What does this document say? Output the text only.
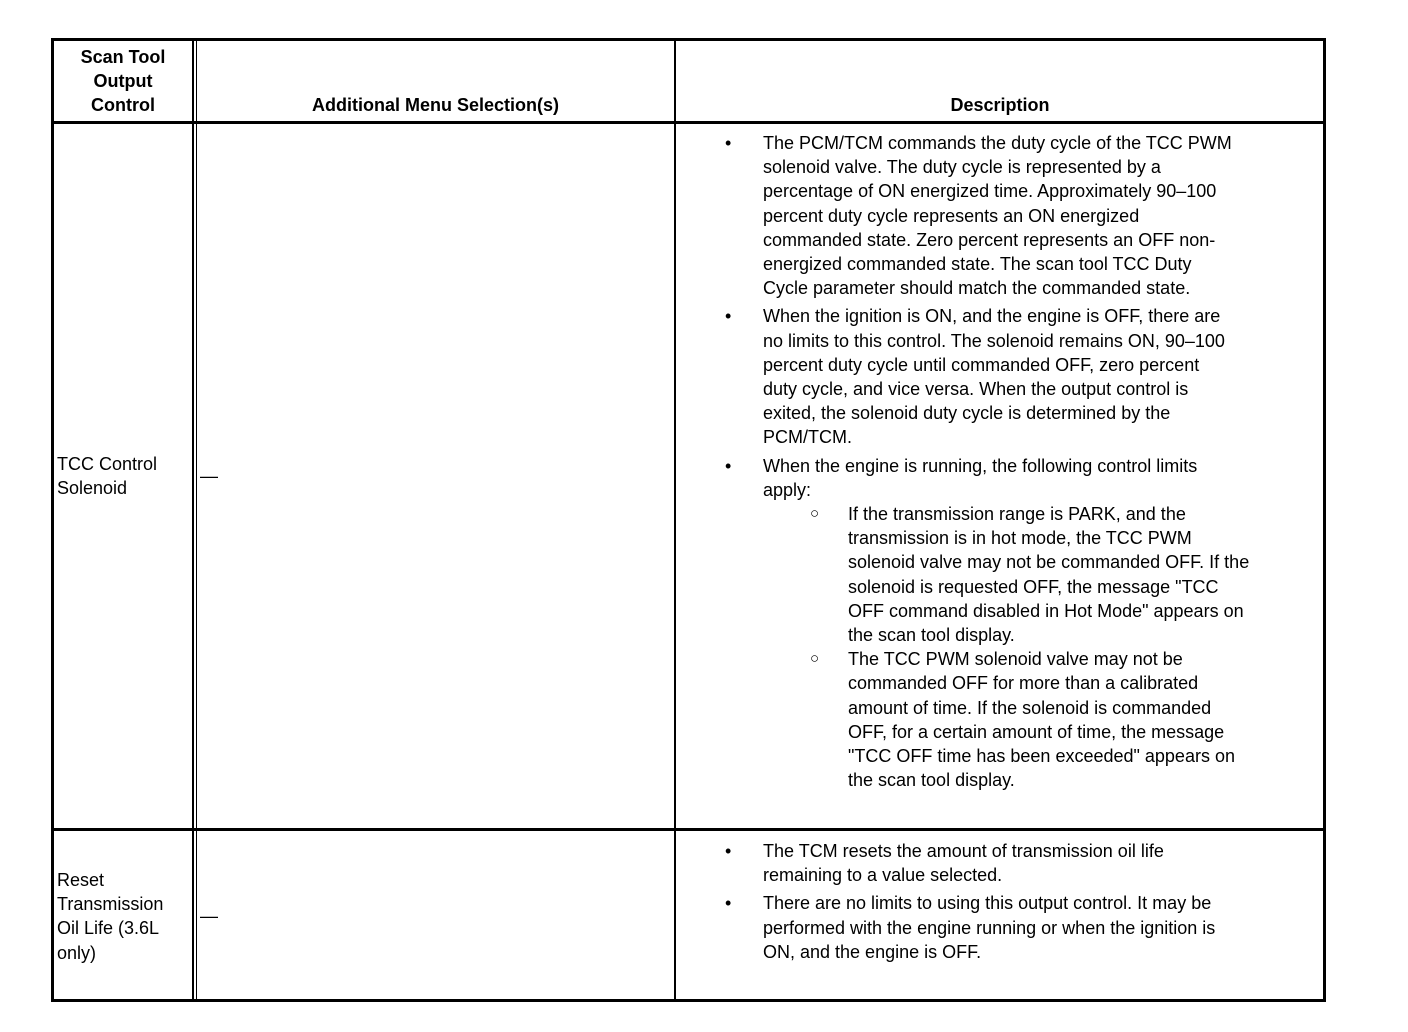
Scan Tool
Output
Control	Additional Menu Selection(s)	Description
TCC Control
Solenoid
—
• The PCM/TCM commands the duty cycle of the TCC PWM
solenoid valve. The duty cycle is represented by a
percentage of ON energized time. Approximately 90–100
percent duty cycle represents an ON energized
commanded state. Zero percent represents an OFF non-
energized commanded state. The scan tool TCC Duty
Cycle parameter should match the commanded state.
• When the ignition is ON, and the engine is OFF, there are
no limits to this control. The solenoid remains ON, 90–100
percent duty cycle until commanded OFF, zero percent
duty cycle, and vice versa. When the output control is
exited, the solenoid duty cycle is determined by the
PCM/TCM.
• When the engine is running, the following control limits
apply:
○ If the transmission range is PARK, and the
transmission is in hot mode, the TCC PWM
solenoid valve may not be commanded OFF. If the
solenoid is requested OFF, the message "TCC
OFF command disabled in Hot Mode" appears on
the scan tool display.
○ The TCC PWM solenoid valve may not be
commanded OFF for more than a calibrated
amount of time. If the solenoid is commanded
OFF, for a certain amount of time, the message
"TCC OFF time has been exceeded" appears on
the scan tool display.
• The TCM resets the amount of transmission oil life
remaining to a value selected.
• There are no limits to using this output control. It may be
performed with the engine running or when the ignition is
ON, and the engine is OFF.
Reset
Transmission
Oil Life (3.6L
only)
—
